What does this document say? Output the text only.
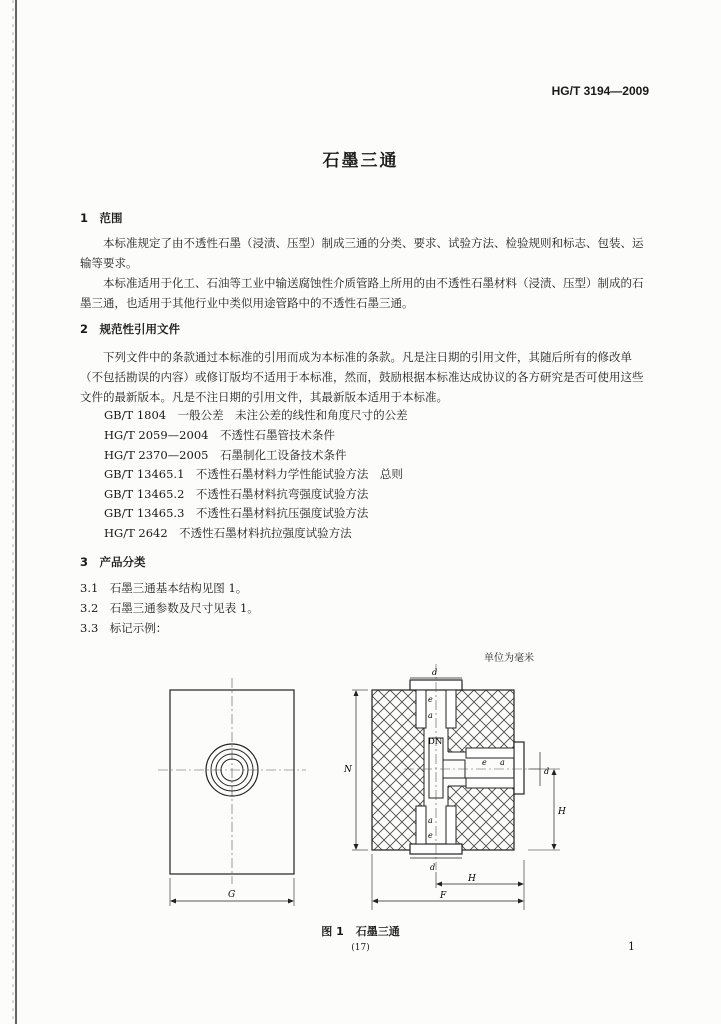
HG/T 3194—2009
石墨三通
1　范围
本标准规定了由不透性石墨（浸渍、压型）制成三通的分类、要求、试验方法、检验规则和标志、包装、运输等要求。
本标准适用于化工、石油等工业中输送腐蚀性介质管路上所用的由不透性石墨材料（浸渍、压型）制成的石墨三通，也适用于其他行业中类似用途管路中的不透性石墨三通。
2　规范性引用文件
下列文件中的条款通过本标准的引用而成为本标准的条款。凡是注日期的引用文件，其随后所有的修改单（不包括勘误的内容）或修订版均不适用于本标准，然而，鼓励根据本标准达成协议的各方研究是否可使用这些文件的最新版本。凡是不注日期的引用文件，其最新版本适用于本标准。
GB/T 1804　一般公差　未注公差的线性和角度尺寸的公差
HG/T 2059—2004　不透性石墨管技术条件
HG/T 2370—2005　石墨制化工设备技术条件
GB/T 13465.1　不透性石墨材料力学性能试验方法　总则
GB/T 13465.2　不透性石墨材料抗弯强度试验方法
GB/T 13465.3　不透性石墨材料抗压强度试验方法
HG/T 2642　不透性石墨材料抗拉强度试验方法
3　产品分类
3.1　石墨三通基本结构见图 1。
3.2　石墨三通参数及尺寸见表 1。
3.3　标记示例：
单位为毫米
G
d
e
a
DN
e a
d
a
e
d
N
H
H
F
图 1 石墨三通
(17)	1
